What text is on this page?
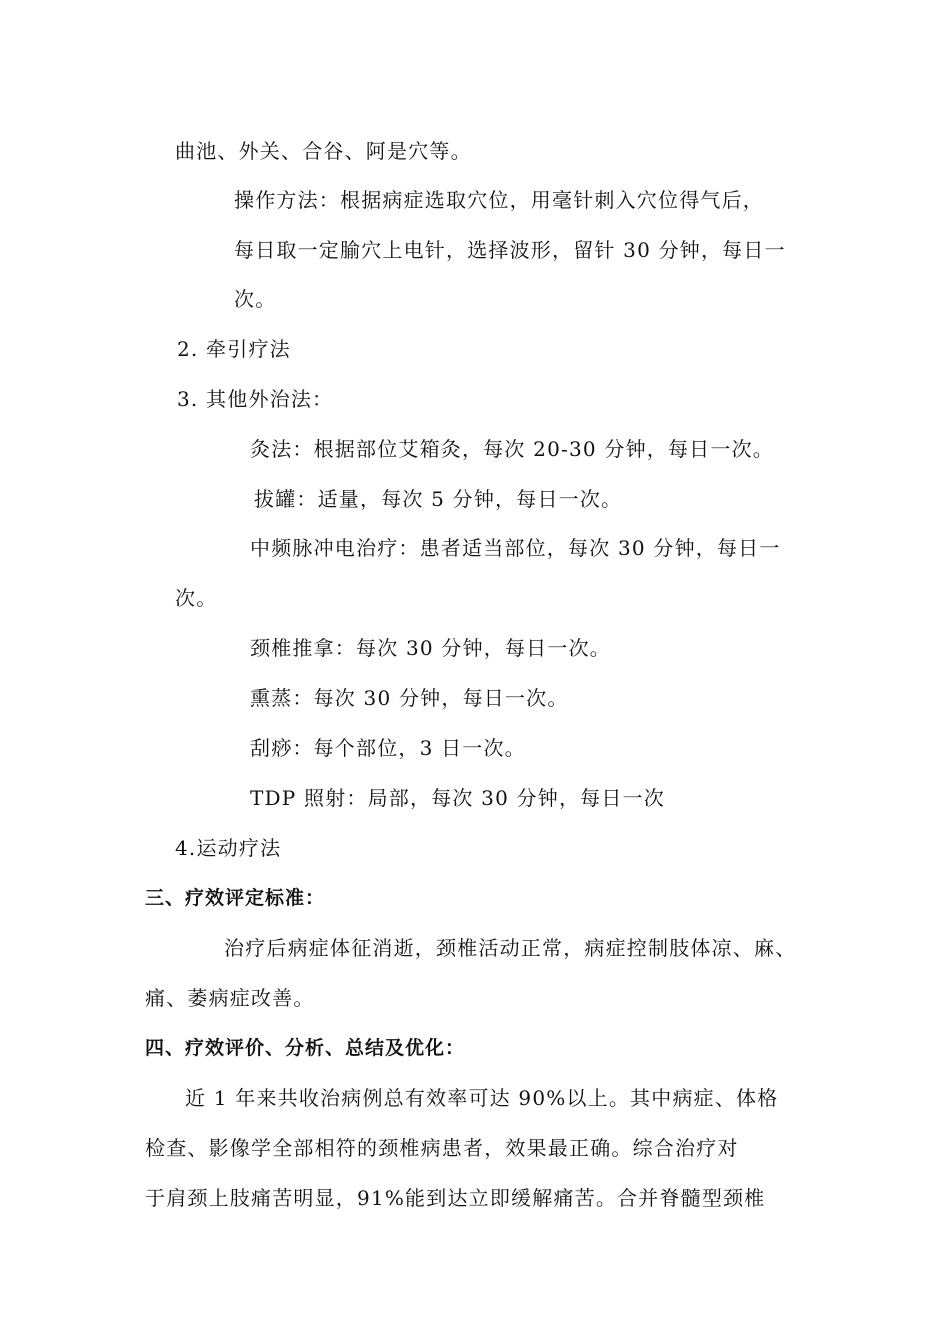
曲池、外关、合谷、阿是穴等。
操作方法：根据病症选取穴位，用毫针刺入穴位得气后，
每日取一定腧穴上电针，选择波形，留针 30 分钟，每日一
次。
2. 牵引疗法
3. 其他外治法：
灸法：根据部位艾箱灸，每次 20-30 分钟，每日一次。
拔罐：适量，每次 5 分钟，每日一次。
中频脉冲电治疗：患者适当部位，每次 30 分钟，每日一
次。
颈椎推拿：每次 30 分钟，每日一次。
熏蒸：每次 30 分钟，每日一次。
刮痧：每个部位，3 日一次。
TDP 照射：局部，每次 30 分钟，每日一次
4.运动疗法
三、疗效评定标准：
治疗后病症体征消逝，颈椎活动正常，病症控制肢体凉、麻、
痛、萎病症改善。
四、疗效评价、分析、总结及优化：
近 1 年来共收治病例总有效率可达 90%以上。其中病症、体格
检查、影像学全部相符的颈椎病患者，效果最正确。综合治疗对
于肩颈上肢痛苦明显，91%能到达立即缓解痛苦。合并脊髓型颈椎
